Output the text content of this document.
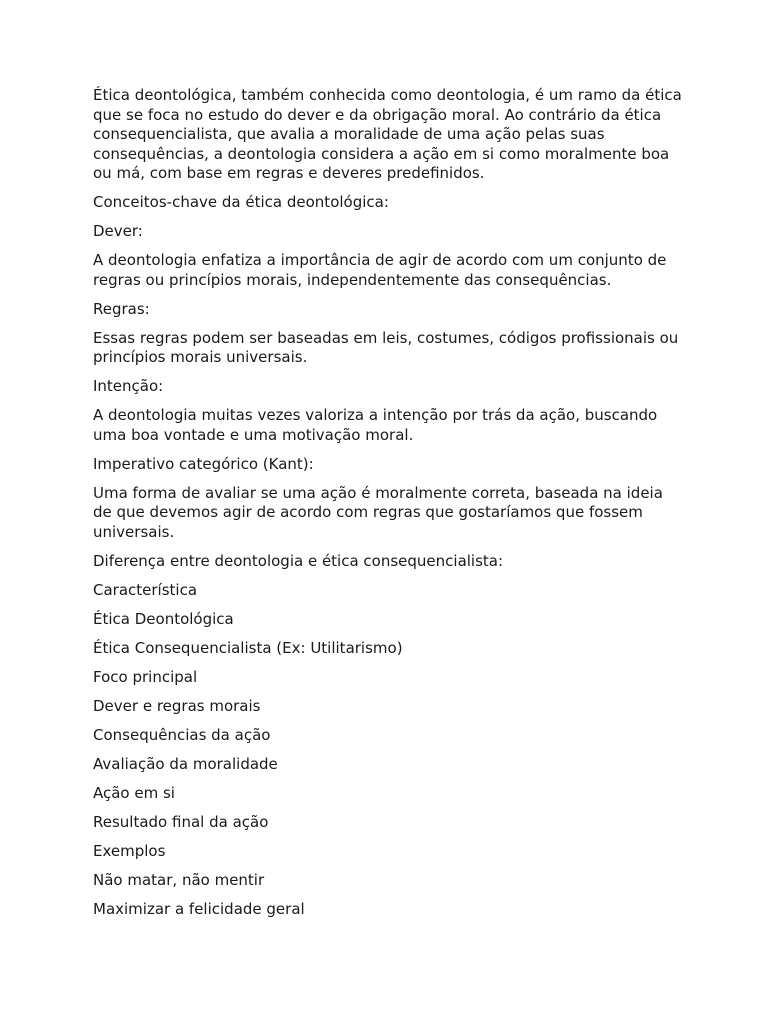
Ética deontológica, também conhecida como deontologia, é um ramo da ética que se foca no estudo do dever e da obrigação moral. Ao contrário da ética consequencialista, que avalia a moralidade de uma ação pelas suas consequências, a deontologia considera a ação em si como moralmente boa ou má, com base em regras e deveres predefinidos.

Conceitos-chave da ética deontológica:

Dever:

A deontologia enfatiza a importância de agir de acordo com um conjunto de regras ou princípios morais, independentemente das consequências.

Regras:

Essas regras podem ser baseadas em leis, costumes, códigos profissionais ou princípios morais universais.

Intenção:

A deontologia muitas vezes valoriza a intenção por trás da ação, buscando uma boa vontade e uma motivação moral.

Imperativo categórico (Kant):

Uma forma de avaliar se uma ação é moralmente correta, baseada na ideia de que devemos agir de acordo com regras que gostaríamos que fossem universais.

Diferença entre deontologia e ética consequencialista:

Característica

Ética Deontológica

Ética Consequencialista (Ex: Utilitarismo)

Foco principal

Dever e regras morais

Consequências da ação

Avaliação da moralidade

Ação em si

Resultado final da ação

Exemplos

Não matar, não mentir

Maximizar a felicidade geral
